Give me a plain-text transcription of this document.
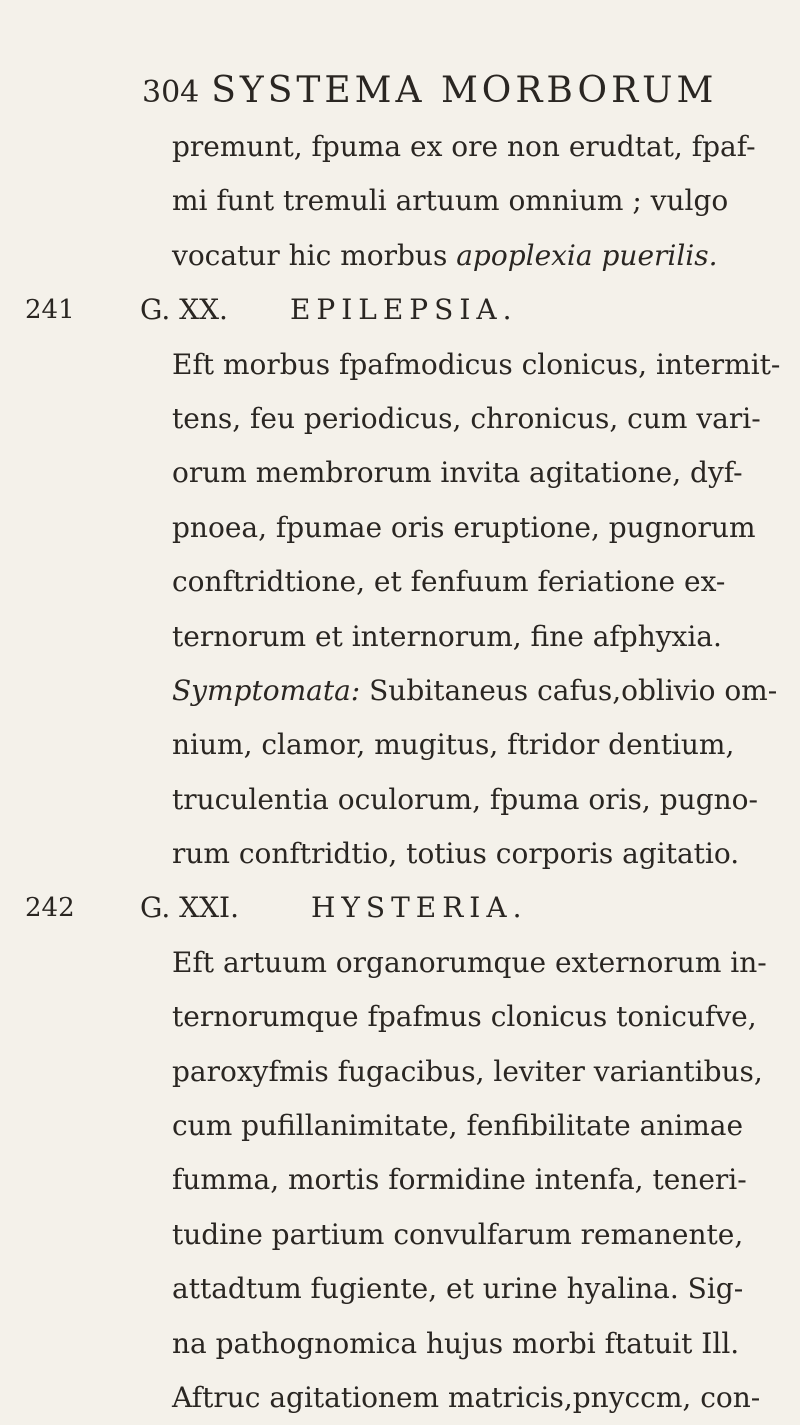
304 SYSTEMA MORBORUM
premunt, fpuma ex ore non erudtat, fpaf-
mi funt tremuli artuum omnium ; vulgo
vocatur hic morbus apoplexia puerilis.
241 G. XX. EPILEPSIA.
Eft morbus fpafmodicus clonicus, intermit-
tens, feu periodicus, chronicus, cum vari-
orum membrorum invita agitatione, dyf-
pnoea, fpumae oris eruptione, pugnorum
conftridtione, et fenfuum feriatione ex-
ternorum et internorum, fine afphyxia.
Symptomata: Subitaneus cafus,oblivio om-
nium, clamor, mugitus, ftridor dentium,
truculentia oculorum, fpuma oris, pugno-
rum conftridtio, totius corporis agitatio.
242 G. XXI.	HYSTERIA.
Eft artuum organorumque externorum in-
ternorumque fpafmus clonicus tonicufve,
paroxyfmis fugacibus, leviter variantibus,
cum pufillanimitate, fenfibilitate animae
fumma, mortis formidine intenfa, teneri-
tudine partium convulfarum remanente,
attadtum fugiente, et urine hyalina. Sig-
na pathognomica hujus morbi ftatuit Ill.
Aftruc agitationem matricis,pnyccm, con-
